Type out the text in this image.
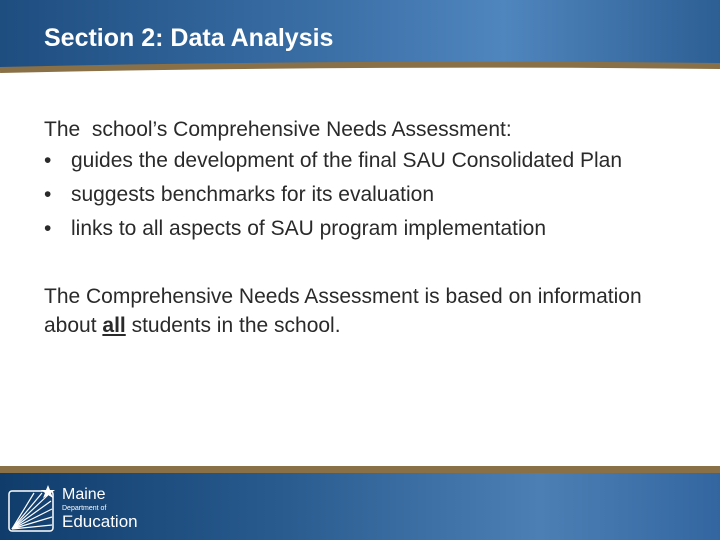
Section 2: Data Analysis
The  school’s Comprehensive Needs Assessment:
• guides the development of the final SAU Consolidated Plan
• suggests benchmarks for its evaluation
• links to all aspects of SAU program implementation

The Comprehensive Needs Assessment is based on information about all students in the school.

Maine
Department of
Education
